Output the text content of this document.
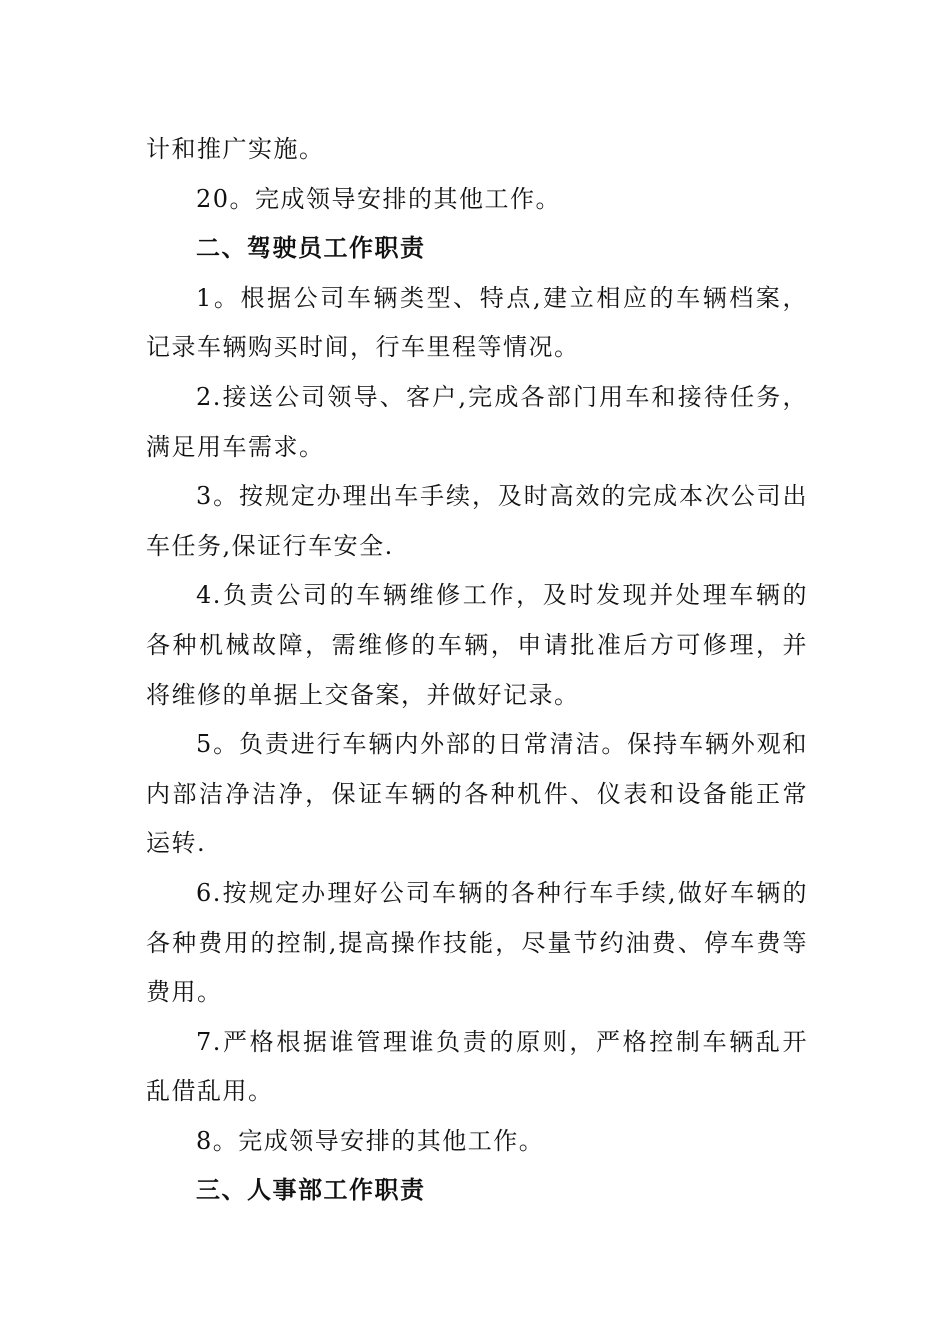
计和推广实施。

20。完成领导安排的其他工作。

二、驾驶员工作职责

1。根据公司车辆类型、特点,建立相应的车辆档案，记录车辆购买时间，行车里程等情况。

2.接送公司领导、客户,完成各部门用车和接待任务，满足用车需求。

3。按规定办理出车手续，及时高效的完成本次公司出车任务,保证行车安全.

4.负责公司的车辆维修工作，及时发现并处理车辆的各种机械故障，需维修的车辆，申请批准后方可修理，并将维修的单据上交备案，并做好记录。

5。负责进行车辆内外部的日常清洁。保持车辆外观和内部洁净洁净，保证车辆的各种机件、仪表和设备能正常运转.

6.按规定办理好公司车辆的各种行车手续,做好车辆的各种费用的控制,提高操作技能，尽量节约油费、停车费等费用。

7.严格根据谁管理谁负责的原则，严格控制车辆乱开乱借乱用。

8。完成领导安排的其他工作。

三、人事部工作职责
